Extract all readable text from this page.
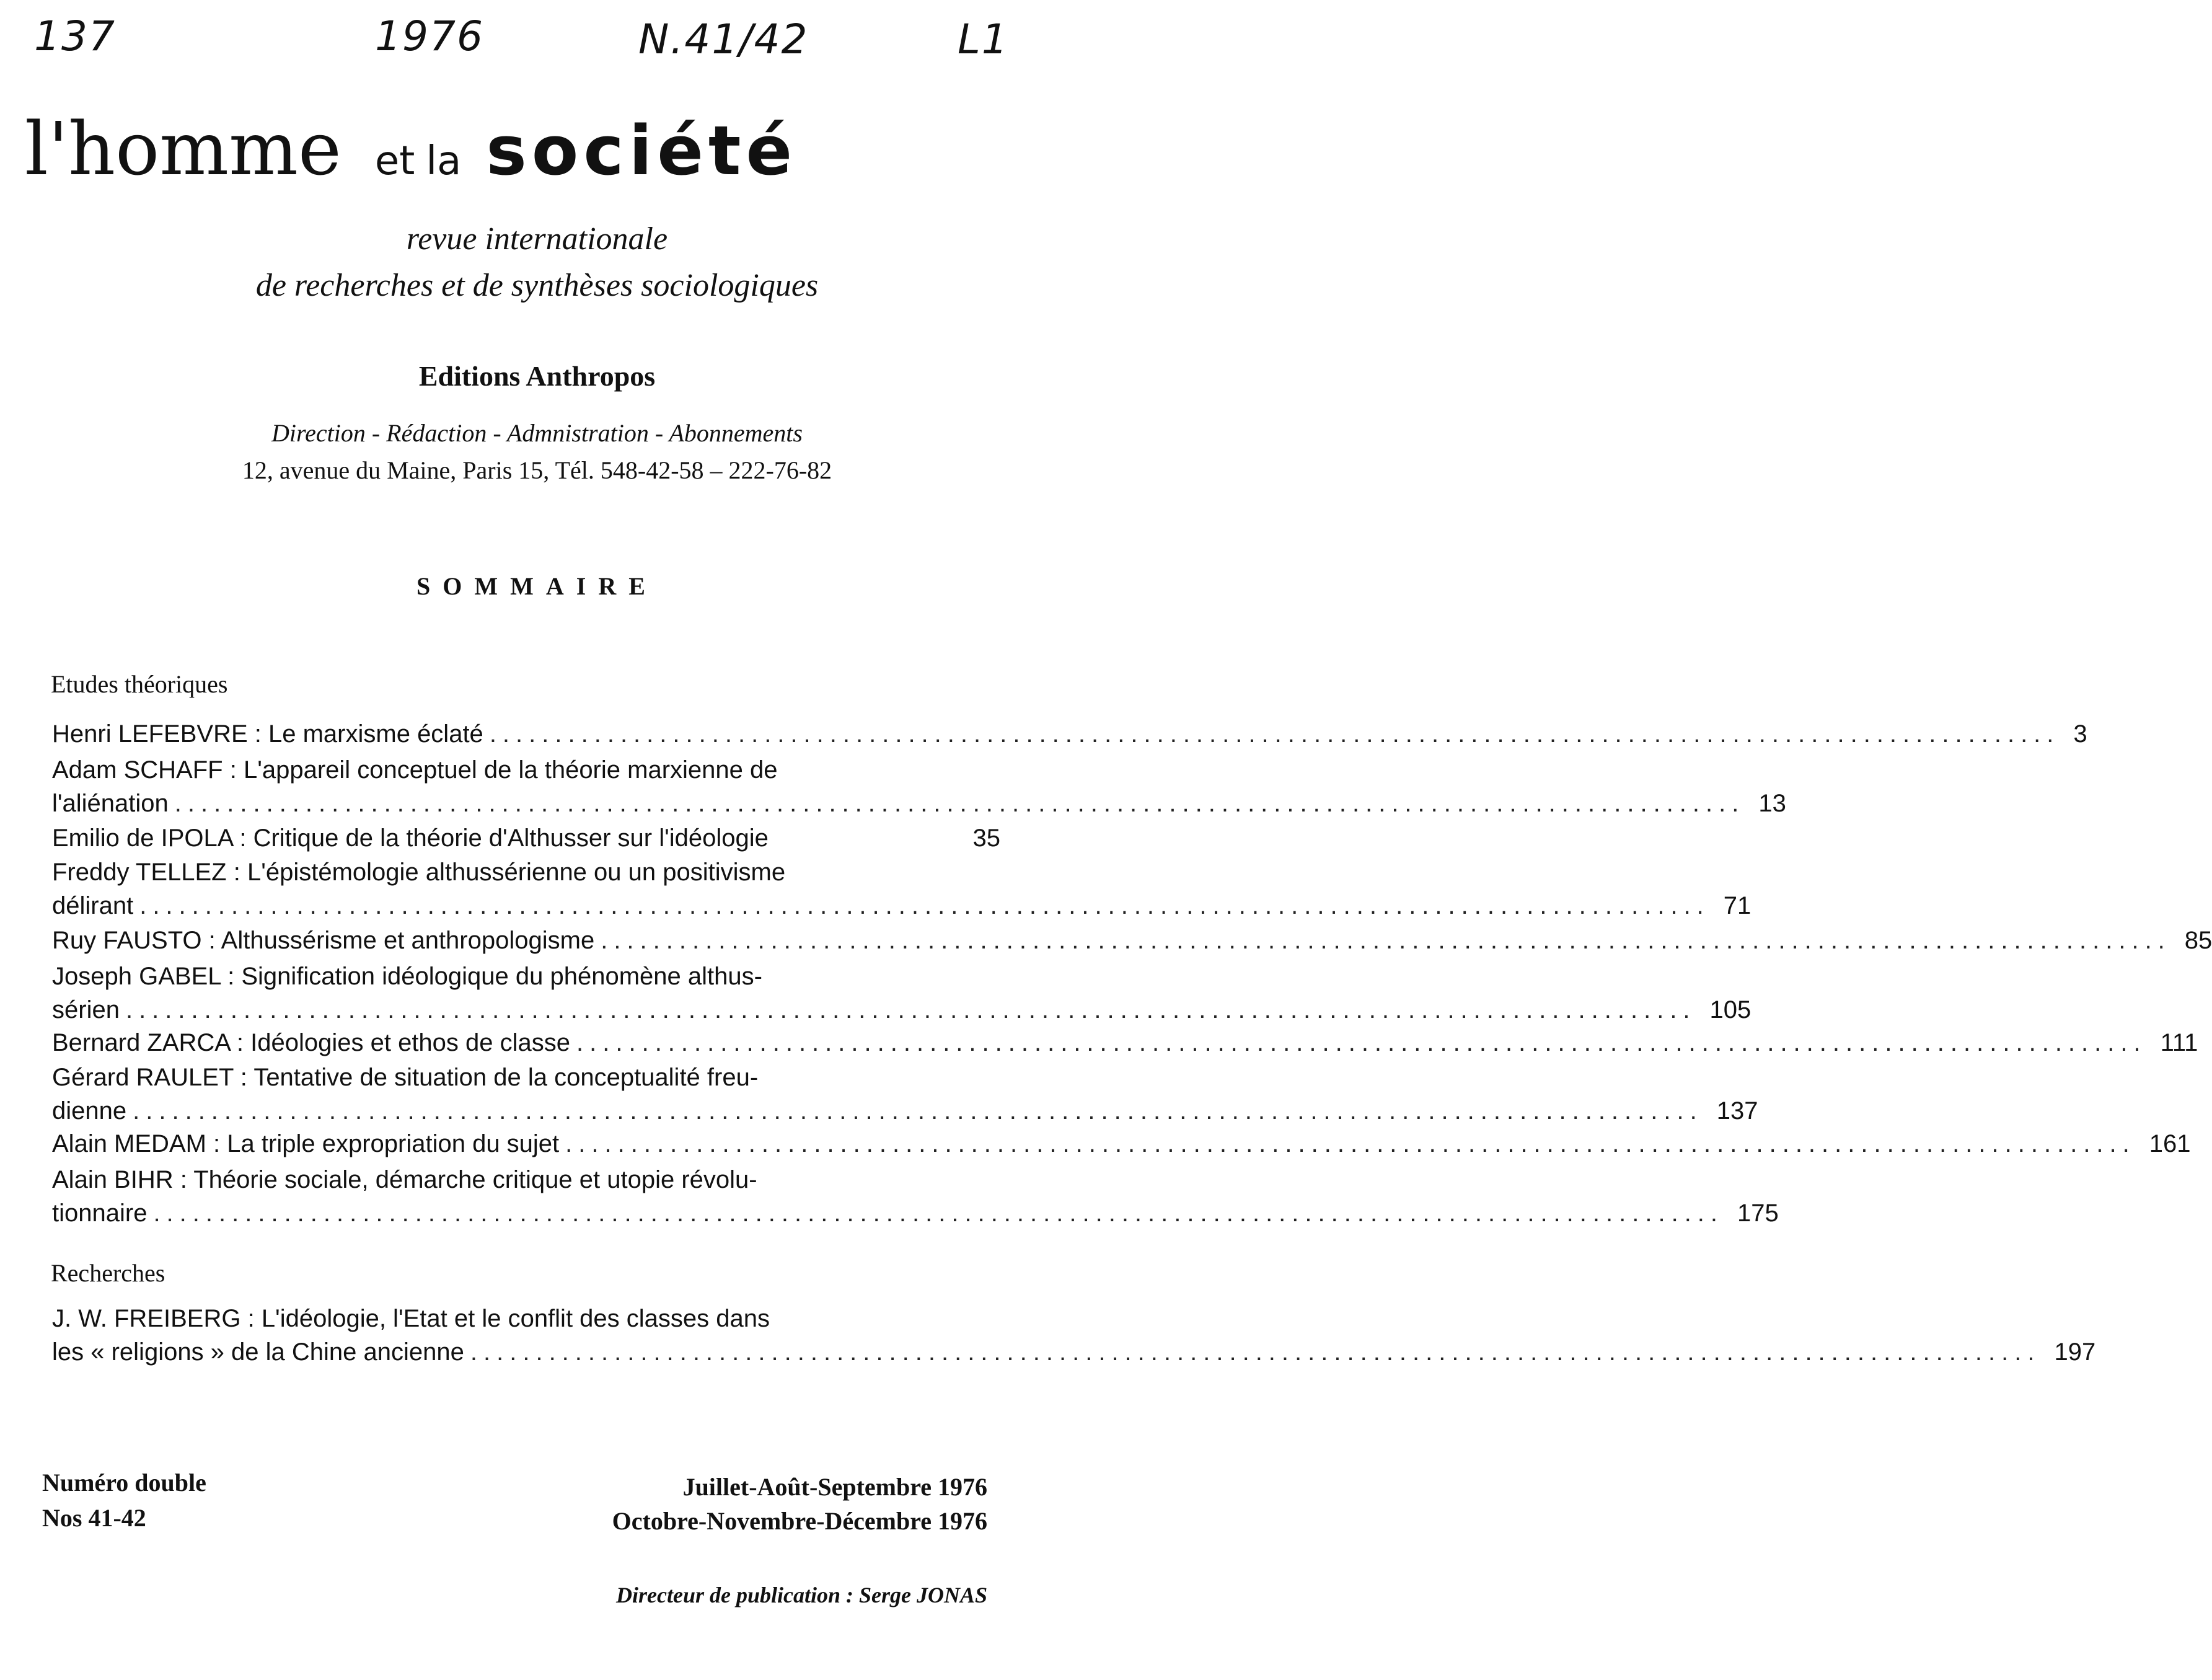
137	1976	N.41/42	L1
l'homme et la société
revue internationale
de recherches et de synthèses sociologiques
Editions Anthropos
Direction - Rédaction - Admnistration - Abonnements
12, avenue du Maine, Paris 15, Tél. 548-42-58 – 222-76-82
SOMMAIRE
Etudes théoriques
Henri LEFEBVRE : Le marxisme éclaté ........................................................................................................................ 3
Adam SCHAFF : L'appareil conceptuel de la théorie marxienne de
l'aliénation ........................................................................................................................ 13
Emilio de IPOLA : Critique de la théorie d'Althusser sur l'idéologie	35
Freddy TELLEZ : L'épistémologie althussérienne ou un positivisme
délirant ........................................................................................................................ 71
Ruy FAUSTO : Althussérisme et anthropologisme ........................................................................................................................ 85
Joseph GABEL : Signification idéologique du phénomène althus-
sérien ........................................................................................................................ 105
Bernard ZARCA : Idéologies et ethos de classe ........................................................................................................................ 111
Gérard RAULET : Tentative de situation de la conceptualité freu-
dienne ........................................................................................................................ 137
Alain MEDAM : La triple expropriation du sujet ........................................................................................................................ 161
Alain BIHR : Théorie sociale, démarche critique et utopie révolu-
tionnaire ........................................................................................................................ 175
Recherches
J. W. FREIBERG : L'idéologie, l'Etat et le conflit des classes dans
les « religions » de la Chine ancienne ........................................................................................................................ 197
Numéro double
Nos 41-42
Juillet-Août-Septembre 1976
Octobre-Novembre-Décembre 1976
Directeur de publication : Serge JONAS
